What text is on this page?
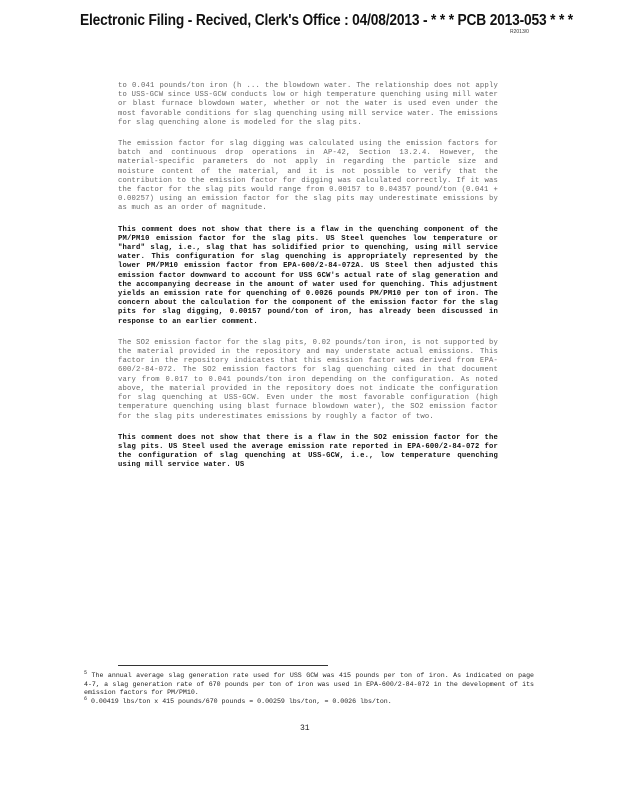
Electronic Filing - Recived, Clerk's Office : 04/08/2013 - * * * PCB 2013-053 * * *
R2013/0

to 0.041 pounds/ton iron (h ... the blowdown water. The relationship does not apply to USS-GCW since USS-GCW conducts low or high temperature quenching using mill water or blast furnace blowdown water, whether or not the water is used even under the most favorable conditions for slag quenching using mill service water. The emissions for slag quenching alone is modeled for the slag pits.

The emission factor for slag digging was calculated using the emission factors for batch and continuous drop operations in AP-42, Section 13.2.4. However, the material-specific parameters do not apply in regarding the particle size and moisture content of the material, and it is not possible to verify that the contribution to the emission factor for digging was calculated correctly. If it was the factor for the slag pits would range from 0.00157 to 0.04357 pound/ton (0.041 + 0.00257) using an emission factor for the slag pits may underestimate emissions by as much as an order of magnitude.

This comment does not show that there is a flaw in the quenching component of the PM/PM10 emission factor for the slag pits. US Steel quenches low temperature or "hard" slag, i.e., slag that has solidified prior to quenching, using mill service water. This configuration for slag quenching is appropriately represented by the lower PM/PM10 emission factor from EPA-600/2-84-072A. US Steel then adjusted this emission factor downward to account for USS GCW's actual rate of slag generation and the accompanying decrease in the amount of water used for quenching. This adjustment yields an emission rate for quenching of 0.0026 pounds PM/PM10 per ton of iron. The concern about the calculation for the component of the emission factor for the slag pits for slag digging, 0.00157 pound/ton of iron, has already been discussed in response to an earlier comment.

The SO2 emission factor for the slag pits, 0.02 pounds/ton iron, is not supported by the material provided in the repository and may understate actual emissions. This factor in the repository indicates that this emission factor was derived from EPA-600/2-84-072. The SO2 emission factors for slag quenching cited in that document vary from 0.017 to 0.041 pounds/ton iron depending on the configuration. As noted above, the material provided in the repository does not indicate the configuration for slag quenching at USS-GCW. Even under the most favorable configuration (high temperature quenching using blast furnace blowdown water), the SO2 emission factor for the slag pits underestimates emissions by roughly a factor of two.

This comment does not show that there is a flaw in the SO2 emission factor for the slag pits. US Steel used the average emission rate reported in EPA-600/2-84-072 for the configuration of slag quenching at USS-GCW, i.e., low temperature quenching using mill service water. US

$^5$ The annual average slag generation rate used for USS GCW was 415 pounds per ton of iron. As indicated on page 4-7, a slag generation rate of 670 pounds per ton of iron was used in EPA-600/2-84-072 in the development of its emission factors for PM/PM10.

$^6$ 0.00419 lbs/ton x 415 pounds/670 pounds = 0.00259 lbs/ton, = 0.0026 lbs/ton.

31
